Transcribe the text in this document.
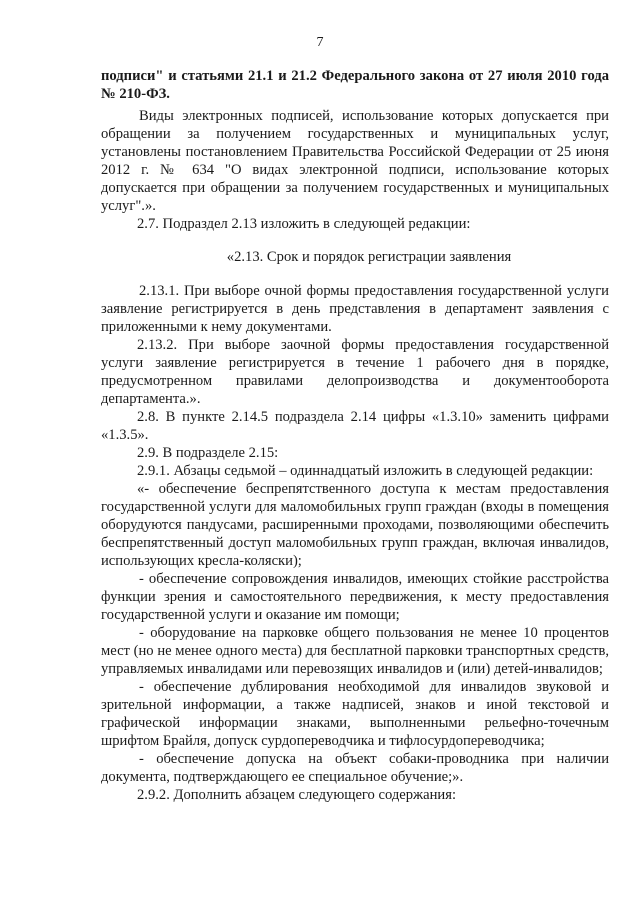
7

подписи" и статьями 21.1 и 21.2 Федерального закона от 27 июля 2010 года № 210-ФЗ.

Виды электронных подписей, использование которых допускается при обращении за получением государственных и муниципальных услуг, установлены постановлением Правительства Российской Федерации от 25 июня 2012 г. № 634 "О видах электронной подписи, использование которых допускается при обращении за получением государственных и муниципальных услуг".».

2.7. Подраздел 2.13 изложить в следующей редакции:

«2.13. Срок и порядок регистрации заявления

2.13.1. При выборе очной формы предоставления государственной услуги заявление регистрируется в день представления в департамент заявления с приложенными к нему документами.

2.13.2. При выборе заочной формы предоставления государственной услуги заявление регистрируется в течение 1 рабочего дня в порядке, предусмотренном правилами делопроизводства и документооборота департамента.».

2.8. В пункте 2.14.5 подраздела 2.14 цифры «1.3.10» заменить цифрами «1.3.5».

2.9. В подразделе 2.15:

2.9.1. Абзацы седьмой – одиннадцатый изложить в следующей редакции:

«- обеспечение беспрепятственного доступа к местам предоставления государственной услуги для маломобильных групп граждан (входы в помещения оборудуются пандусами, расширенными проходами, позволяющими обеспечить беспрепятственный доступ маломобильных групп граждан, включая инвалидов, использующих кресла-коляски);

- обеспечение сопровождения инвалидов, имеющих стойкие расстройства функции зрения и самостоятельного передвижения, к месту предоставления государственной услуги и оказание им помощи;

- оборудование на парковке общего пользования не менее 10 процентов мест (но не менее одного места) для бесплатной парковки транспортных средств, управляемых инвалидами или перевозящих инвалидов и (или) детей-инвалидов;

- обеспечение дублирования необходимой для инвалидов звуковой и зрительной информации, а также надписей, знаков и иной текстовой и графической информации знаками, выполненными рельефно-точечным шрифтом Брайля, допуск сурдопереводчика и тифлосурдопереводчика;

- обеспечение допуска на объект собаки-проводника при наличии документа, подтверждающего ее специальное обучение;».

2.9.2. Дополнить абзацем следующего содержания:
